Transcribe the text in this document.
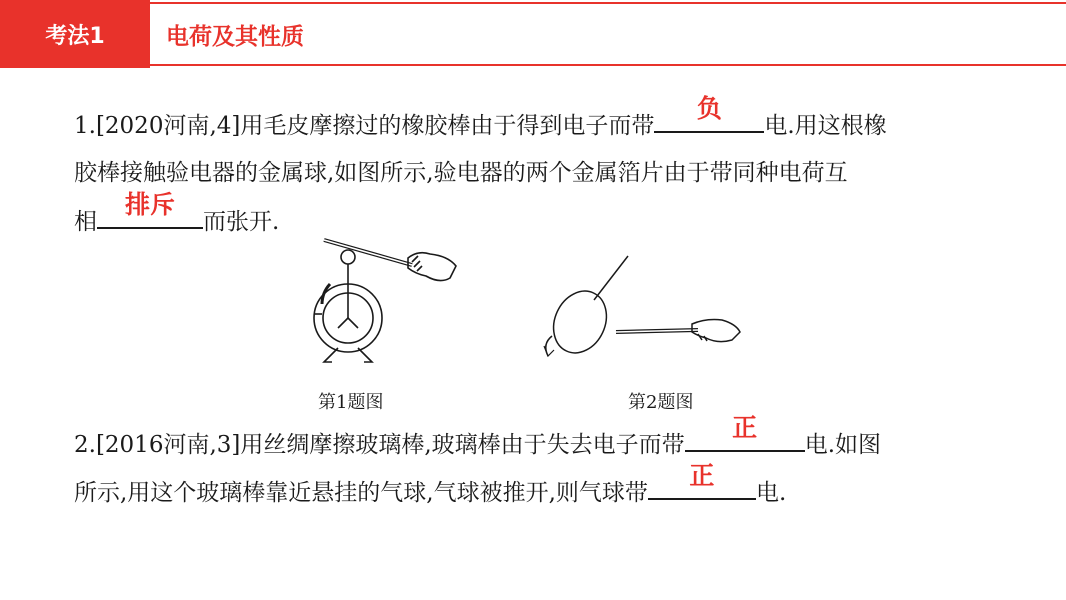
考法1	电荷及其性质
1.[2020河南,4]用毛皮摩擦过的橡胶棒由于得到电子而带
负
电.用这根橡
胶棒接触验电器的金属球,如图所示,验电器的两个金属箔片由于带同种电荷互
相
排斥
而张开.
第1题图	第2题图
2.[2016河南,3]用丝绸摩擦玻璃棒,玻璃棒由于失去电子而带
正
电.如图
所示,用这个玻璃棒靠近悬挂的气球,气球被推开,则气球带
正
电.
